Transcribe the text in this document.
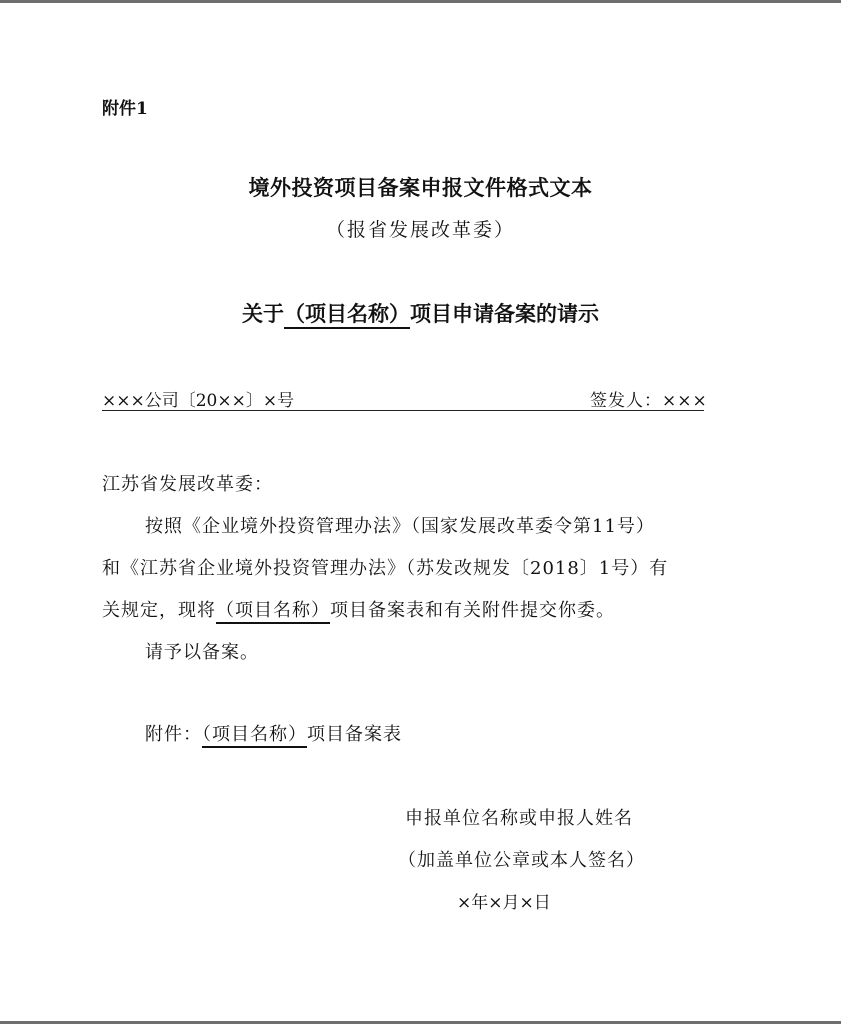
附件1
境外投资项目备案申报文件格式文本
（报省发展改革委）
关于（项目名称）项目申请备案的请示
×××公司〔20××〕×号	签发人：×××
江苏省发展改革委：
按照《企业境外投资管理办法》（国家发展改革委令第11号）
和《江苏省企业境外投资管理办法》（苏发改规发〔2018〕1号）有
关规定，现将（项目名称）项目备案表和有关附件提交你委。
请予以备案。
附件：（项目名称）项目备案表
申报单位名称或申报人姓名
（加盖单位公章或本人签名）
×年×月×日
